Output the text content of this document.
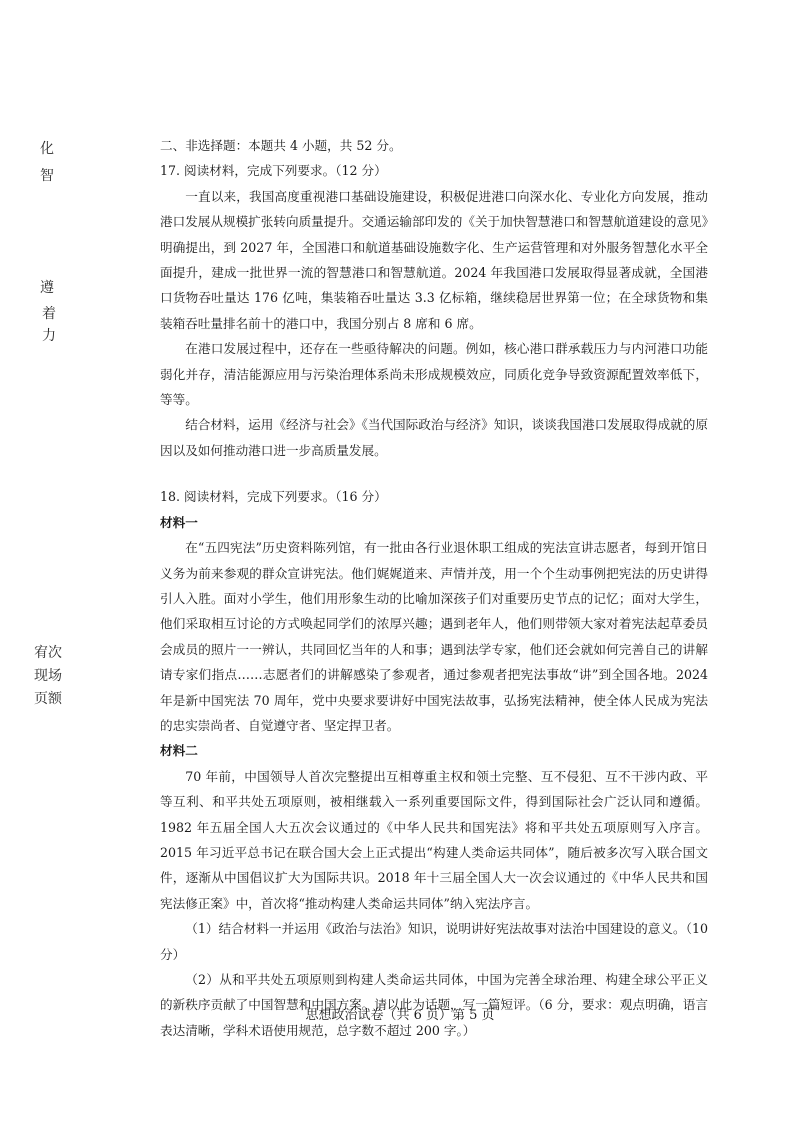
化
智
遵
着
力
宥次
现场
页额

二、非选择题：本题共 4 小题，共 52 分。

17. 阅读材料，完成下列要求。（12 分）

一直以来，我国高度重视港口基础设施建设，积极促进港口向深水化、专业化方向发展，推动港口发展从规模扩张转向质量提升。交通运输部印发的《关于加快智慧港口和智慧航道建设的意见》明确提出，到 2027 年，全国港口和航道基础设施数字化、生产运营管理和对外服务智慧化水平全面提升，建成一批世界一流的智慧港口和智慧航道。2024 年我国港口发展取得显著成就，全国港口货物吞吐量达 176 亿吨，集装箱吞吐量达 3.3 亿标箱，继续稳居世界第一位；在全球货物和集装箱吞吐量排名前十的港口中，我国分别占 8 席和 6 席。

在港口发展过程中，还存在一些亟待解决的问题。例如，核心港口群承载压力与内河港口功能弱化并存，清洁能源应用与污染治理体系尚未形成规模效应，同质化竞争导致资源配置效率低下，等等。

结合材料，运用《经济与社会》《当代国际政治与经济》知识，谈谈我国港口发展取得成就的原因以及如何推动港口进一步高质量发展。

18. 阅读材料，完成下列要求。（16 分）

材料一

在“五四宪法”历史资料陈列馆，有一批由各行业退休职工组成的宪法宣讲志愿者，每到开馆日义务为前来参观的群众宣讲宪法。他们娓娓道来、声情并茂，用一个个生动事例把宪法的历史讲得引人入胜。面对小学生，他们用形象生动的比喻加深孩子们对重要历史节点的记忆；面对大学生，他们采取相互讨论的方式唤起同学们的浓厚兴趣；遇到老年人，他们则带领大家对着宪法起草委员会成员的照片一一辨认，共同回忆当年的人和事；遇到法学专家，他们还会就如何完善自己的讲解请专家们指点……志愿者们的讲解感染了参观者，通过参观者把宪法事故“讲”到全国各地。2024 年是新中国宪法 70 周年，党中央要求要讲好中国宪法故事，弘扬宪法精神，使全体人民成为宪法的忠实崇尚者、自觉遵守者、坚定捍卫者。

材料二

70 年前，中国领导人首次完整提出互相尊重主权和领土完整、互不侵犯、互不干涉内政、平等互利、和平共处五项原则，被相继载入一系列重要国际文件，得到国际社会广泛认同和遵循。1982 年五届全国人大五次会议通过的《中华人民共和国宪法》将和平共处五项原则写入序言。2015 年习近平总书记在联合国大会上正式提出“构建人类命运共同体”，随后被多次写入联合国文件，逐渐从中国倡议扩大为国际共识。2018 年十三届全国人大一次会议通过的《中华人民共和国宪法修正案》中，首次将“推动构建人类命运共同体”纳入宪法序言。

（1）结合材料一并运用《政治与法治》知识，说明讲好宪法故事对法治中国建设的意义。（10 分）

（2）从和平共处五项原则到构建人类命运共同体，中国为完善全球治理、构建全球公平正义的新秩序贡献了中国智慧和中国方案。请以此为话题，写一篇短评。（6 分，要求：观点明确，语言表达清晰，学科术语使用规范，总字数不超过 200 字。）

思想政治试卷（共 6 页）第 5 页
